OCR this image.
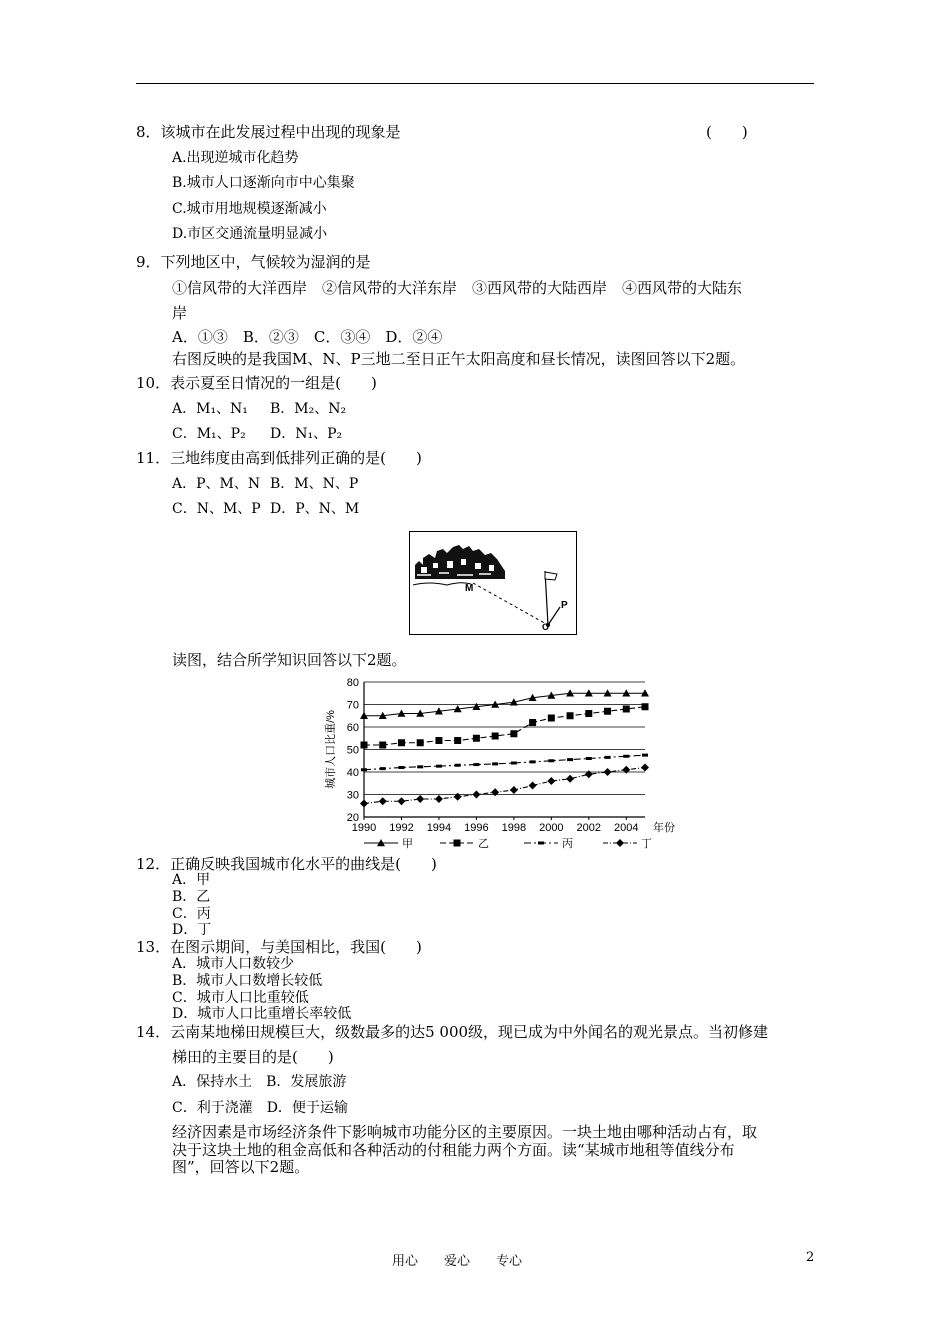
8．该城市在此发展过程中出现的现象是	(　　)
A.出现逆城市化趋势
B.城市人口逐渐向市中心集聚
C.城市用地规模逐渐减小
D.市区交通流量明显减小
9．下列地区中，气候较为湿润的是
①信风带的大洋西岸　②信风带的大洋东岸　③西风带的大陆西岸　④西风带的大陆东
岸
A．①③　B．②③　C．③④　D．②④
右图反映的是我国M、N、P三地二至日正午太阳高度和昼长情况，读图回答以下2题。
10．表示夏至日情况的一组是(　　)
A．M₁、N₁ B．M₂、N₂
C．M₁、P₂ D．N₁、P₂
11．三地纬度由高到低排列正确的是(　　)
A．P、M、N B．M、N、P
C．N、M、P D．P、N、M
M
P
O
读图，结合所学知识回答以下2题。
20
30
40
50
60
70
80
1990 1992 1994 1996 1998 2000 2002 2004 年份
城市人口比重/%
甲	乙	丙	丁
12．正确反映我国城市化水平的曲线是(　　)
A．甲
B．乙
C．丙
D．丁
13．在图示期间，与美国相比，我国(　　)
A．城市人口数较少
B．城市人口数增长较低
C．城市人口比重较低
D．城市人口比重增长率较低
14．云南某地梯田规模巨大，级数最多的达5 000级，现已成为中外闻名的观光景点。当初修建
梯田的主要目的是(　　)
A．保持水土　B．发展旅游
C．利于浇灌　D．便于运输
经济因素是市场经济条件下影响城市功能分区的主要原因。一块土地由哪种活动占有，取
决于这块土地的租金高低和各种活动的付租能力两个方面。读“某城市地租等值线分布
图”，回答以下2题。
用心　　爱心　　专心	2
